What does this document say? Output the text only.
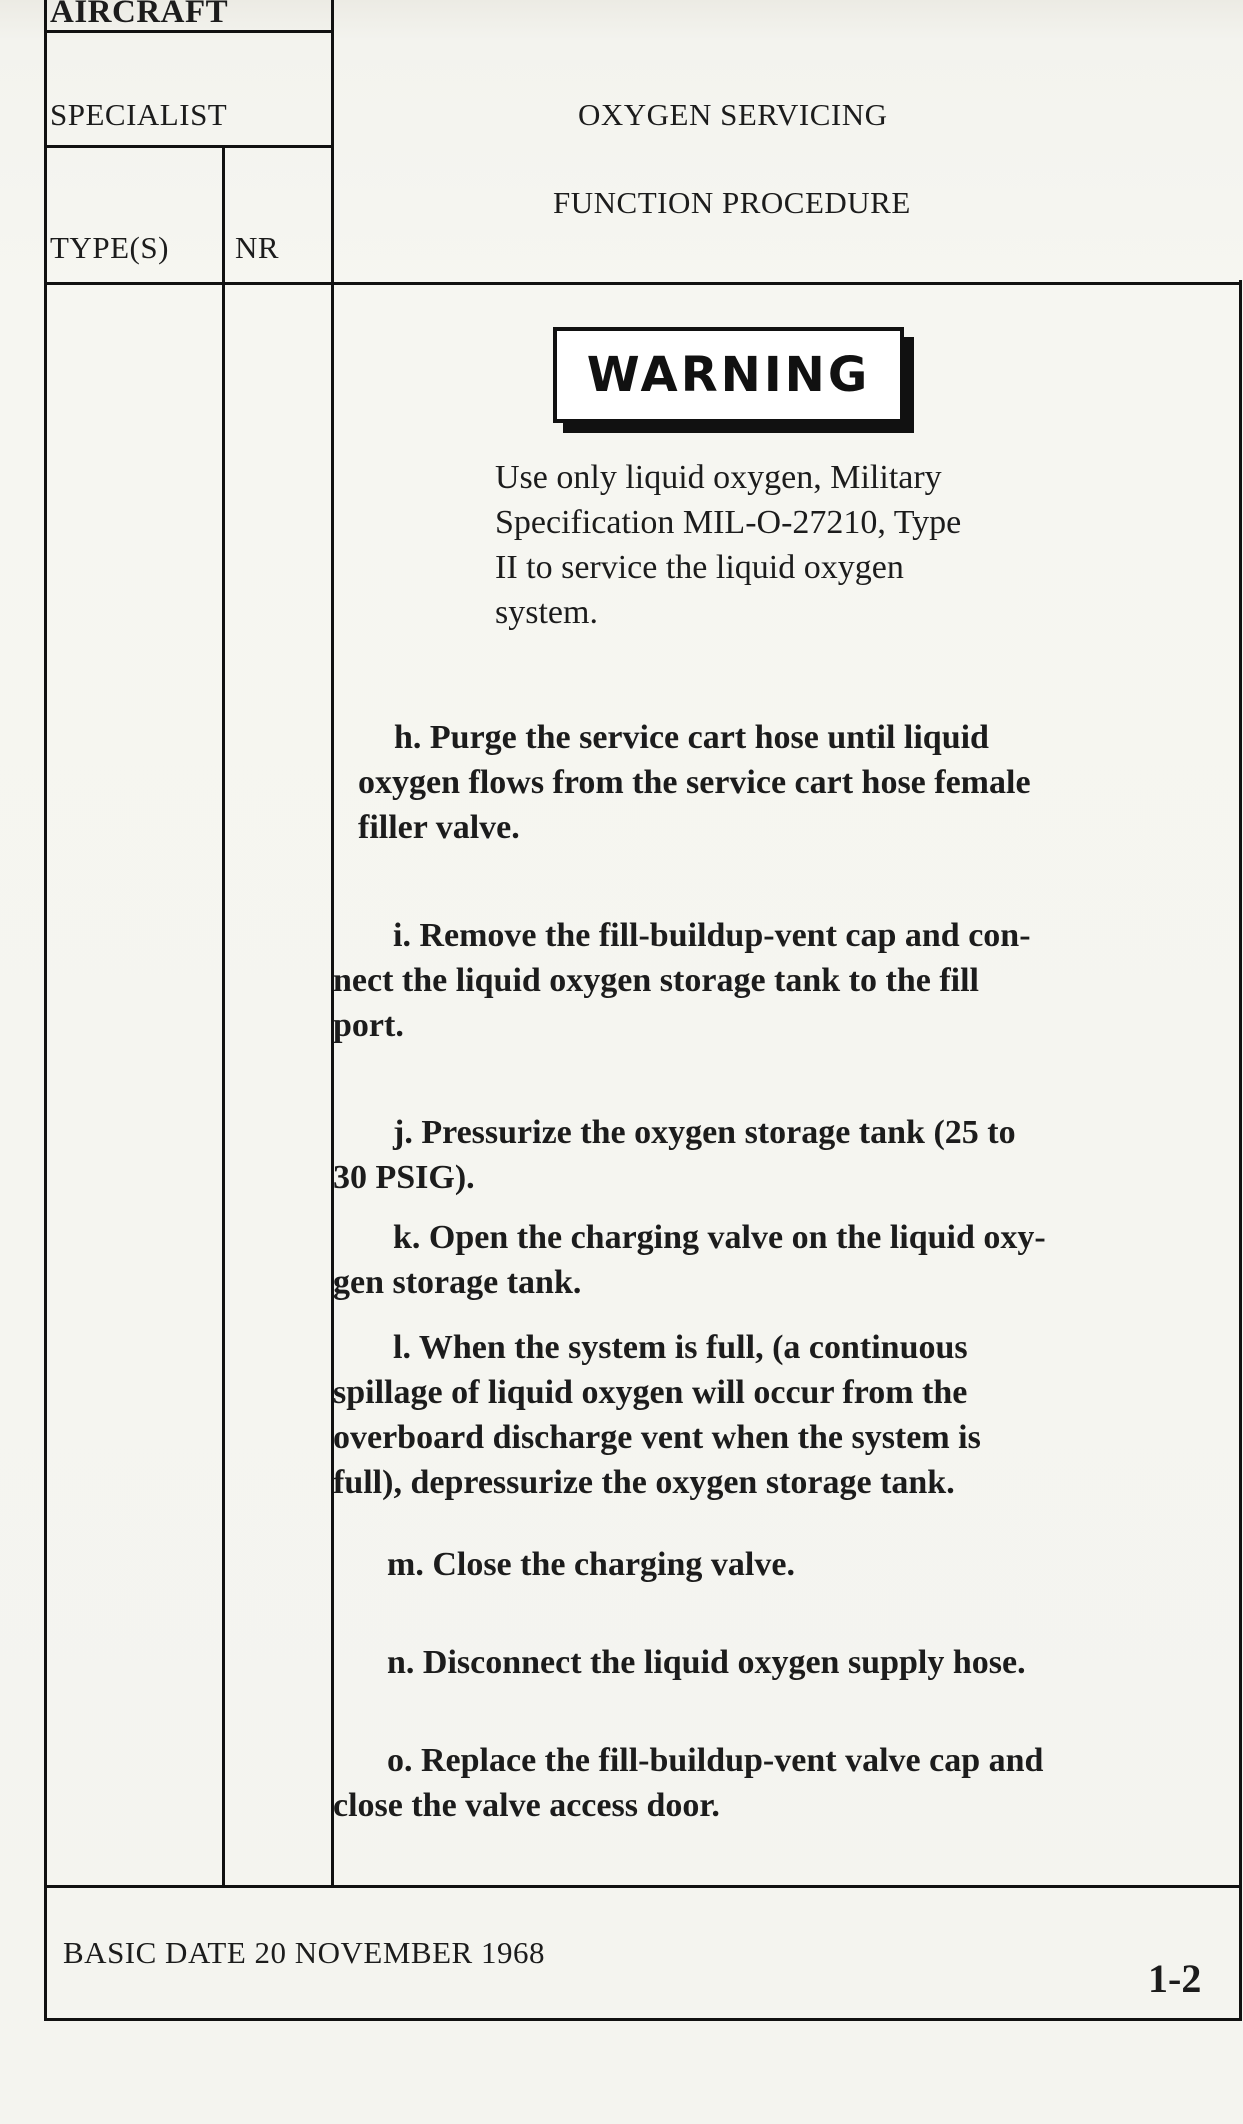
AIRCRAFT
SPECIALIST	OXYGEN SERVICING
FUNCTION PROCEDURE
TYPE(S) NR
WARNING
Use only liquid oxygen, Military
Specification MIL-O-27210, Type
II to service the liquid oxygen
system.
h. Purge the service cart hose until liquid
oxygen flows from the service cart hose female
filler valve.
i. Remove the fill-buildup-vent cap and con-
nect the liquid oxygen storage tank to the fill
port.
j. Pressurize the oxygen storage tank (25 to
30 PSIG).
k. Open the charging valve on the liquid oxy-
gen storage tank.
l. When the system is full, (a continuous
spillage of liquid oxygen will occur from the
overboard discharge vent when the system is
full), depressurize the oxygen storage tank.
m. Close the charging valve.
n. Disconnect the liquid oxygen supply hose.
o. Replace the fill-buildup-vent valve cap and
close the valve access door.
BASIC DATE 20 NOVEMBER 1968
1-2
